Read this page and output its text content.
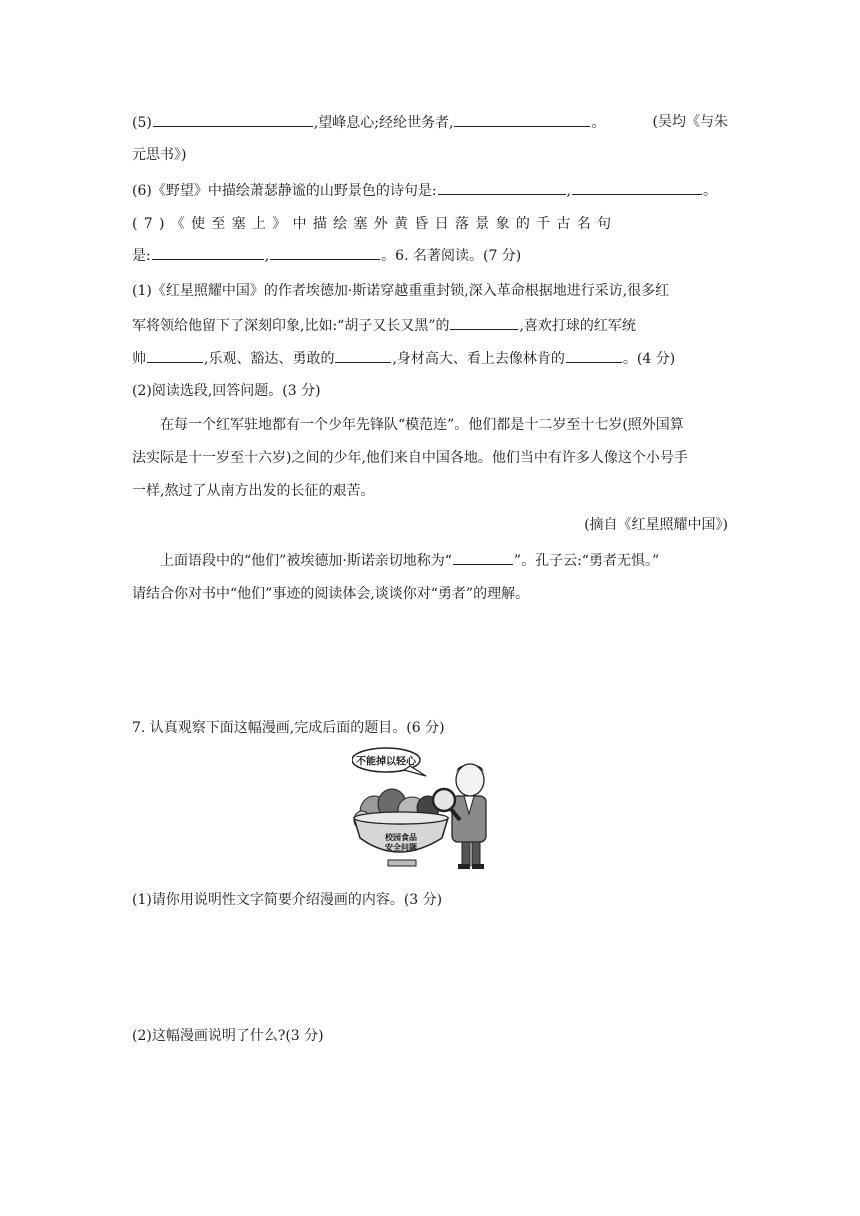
(5)	,望峰息心;经纶世务者,	。	(吴均《与朱
元思书》)
(6)《野望》中描绘萧瑟静谧的山野景色的诗句是:	,	。
(7)《使至塞上》中描绘塞外黄昏日落景象的千古名句
是:	,	。6. 名著阅读。(7 分)
(1)《红星照耀中国》的作者埃德加·斯诺穿越重重封锁,深入革命根据地进行采访,很多红
军将领给他留下了深刻印象,比如:“胡子又长又黑”的	,喜欢打球的红军统
帅	,乐观、豁达、勇敢的	,身材高大、看上去像林肯的	。(4 分)
(2)阅读选段,回答问题。(3 分)
在每一个红军驻地都有一个少年先锋队“模范连”。他们都是十二岁至十七岁(照外国算
法实际是十一岁至十六岁)之间的少年,他们来自中国各地。他们当中有许多人像这个小号手
一样,熬过了从南方出发的长征的艰苦。
(摘自《红星照耀中国》)
上面语段中的“他们”被埃德加·斯诺亲切地称为“	”。孔子云:“勇者无惧。”
请结合你对书中“他们”事迹的阅读体会,谈谈你对“勇者”的理解。
7. 认真观察下面这幅漫画,完成后面的题目。(6 分)
不能掉以轻心
校园食品
安全问题
(1)请你用说明性文字简要介绍漫画的内容。(3 分)
(2)这幅漫画说明了什么?(3 分)
